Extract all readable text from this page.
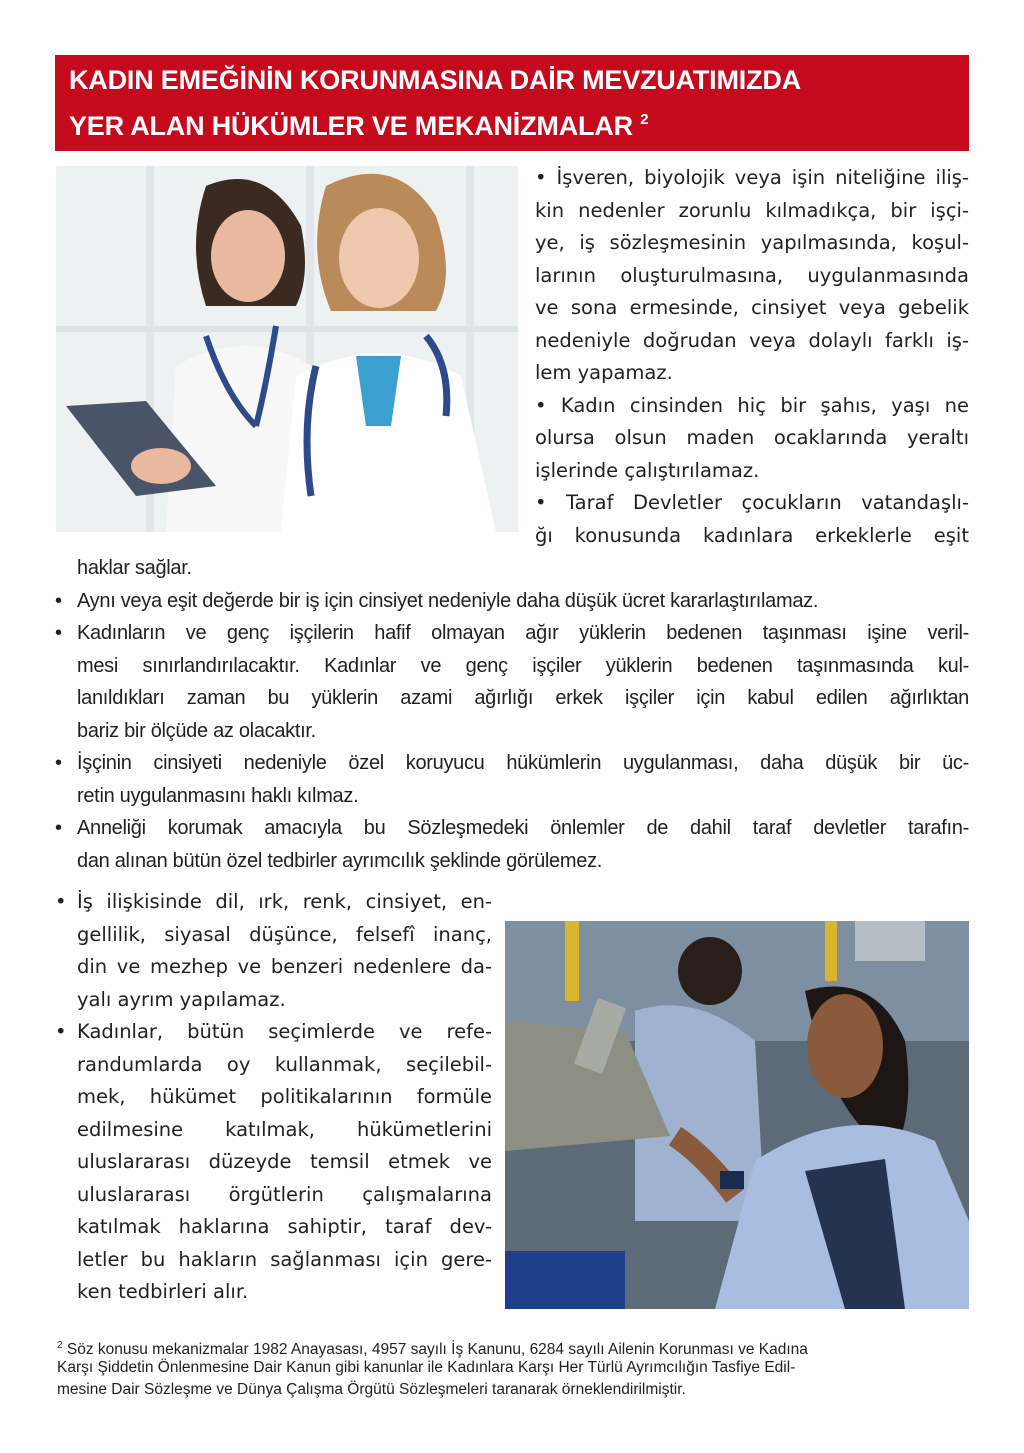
KADIN EMEĞİNİN KORUNMASINA DAİR MEVZUATIMIZDA
YER ALAN HÜKÜMLER VE MEKANİZMALAR $^2$
• İşveren, biyolojik veya işin niteliğine iliş-
kin nedenler zorunlu kılmadıkça, bir işçi-
ye, iş sözleşmesinin yapılmasında, koşul-
larının oluşturulmasına, uygulanmasında
ve sona ermesinde, cinsiyet veya gebelik
nedeniyle doğrudan veya dolaylı farklı iş-
lem yapamaz.
• Kadın cinsinden hiç bir şahıs, yaşı ne
olursa olsun maden ocaklarında yeraltı
işlerinde çalıştırılamaz.
• Taraf Devletler çocukların vatandaşlı-
ğı konusunda kadınlara erkeklerle eşit
haklar sağlar.
• Aynı veya eşit değerde bir iş için cinsiyet nedeniyle daha düşük ücret kararlaştırılamaz.
• Kadınların ve genç işçilerin hafif olmayan ağır yüklerin bedenen taşınması işine veril-
mesi sınırlandırılacaktır. Kadınlar ve genç işçiler yüklerin bedenen taşınmasında kul-
lanıldıkları zaman bu yüklerin azami ağırlığı erkek işçiler için kabul edilen ağırlıktan
bariz bir ölçüde az olacaktır.
• İşçinin cinsiyeti nedeniyle özel koruyucu hükümlerin uygulanması, daha düşük bir üc-
retin uygulanmasını haklı kılmaz.
• Anneliği korumak amacıyla bu Sözleşmedeki önlemler de dahil taraf devletler tarafın-
dan alınan bütün özel tedbirler ayrımcılık şeklinde görülemez.
• İş ilişkisinde dil, ırk, renk, cinsiyet, en-
gellilik, siyasal düşünce, felsefî inanç,
din ve mezhep ve benzeri nedenlere da-
yalı ayrım yapılamaz.
• Kadınlar, bütün seçimlerde ve refe-
randumlarda oy kullanmak, seçilebil-
mek, hükümet politikalarının formüle
edilmesine katılmak, hükümetlerini
uluslararası düzeyde temsil etmek ve
uluslararası örgütlerin çalışmalarına
katılmak haklarına sahiptir, taraf dev-
letler bu hakların sağlanması için gere-
ken tedbirleri alır.
$^2$ Söz konusu mekanizmalar 1982 Anayasası, 4957 sayılı İş Kanunu, 6284 sayılı Ailenin Korunması ve Kadına
Karşı Şiddetin Önlenmesine Dair Kanun gibi kanunlar ile Kadınlara Karşı Her Türlü Ayrımcılığın Tasfiye Edil-
mesine Dair Sözleşme ve Dünya Çalışma Örgütü Sözleşmeleri taranarak örneklendirilmiştir.
